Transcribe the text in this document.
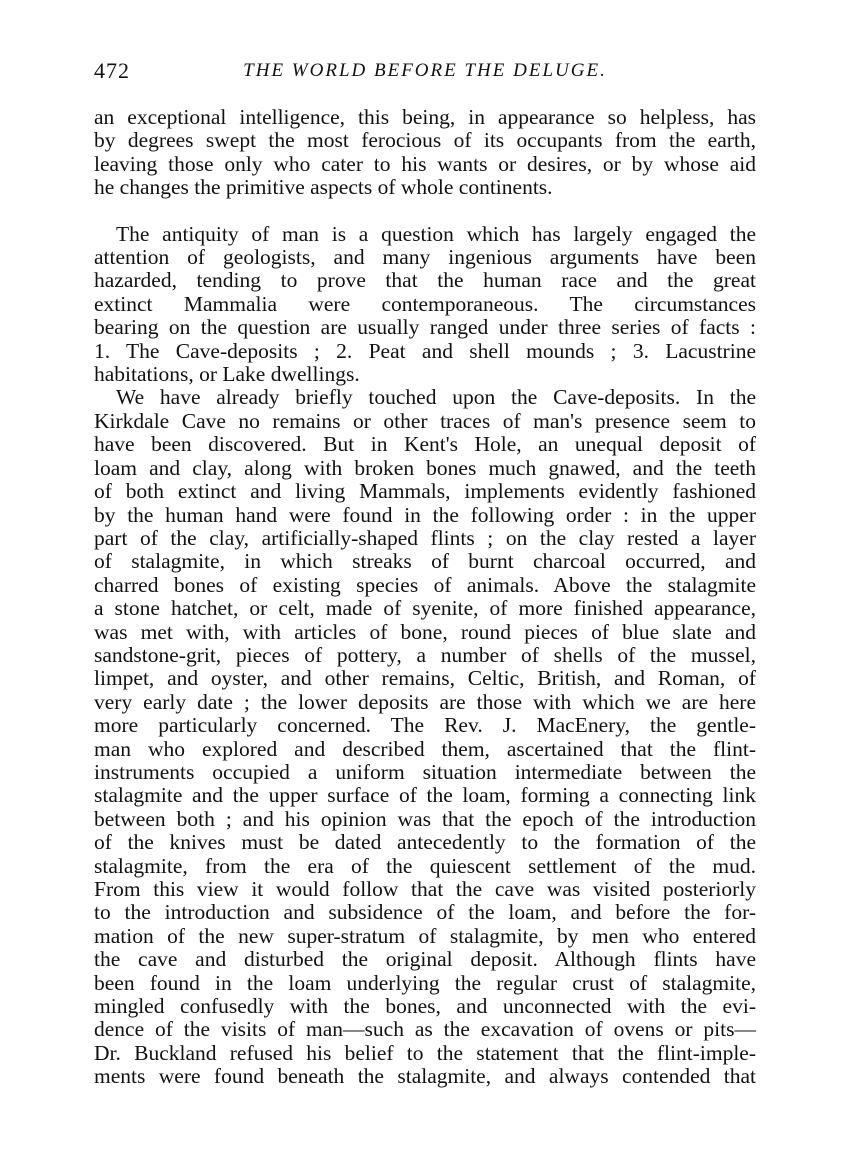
472	THE WORLD BEFORE THE DELUGE.
an exceptional intelligence, this being, in appearance so helpless, has
by degrees swept the most ferocious of its occupants from the earth,
leaving those only who cater to his wants or desires, or by whose aid
he changes the primitive aspects of whole continents.
The antiquity of man is a question which has largely engaged the
attention of geologists, and many ingenious arguments have been
hazarded, tending to prove that the human race and the great
extinct Mammalia were contemporaneous. The circumstances
bearing on the question are usually ranged under three series of facts :
1. The Cave-deposits ; 2. Peat and shell mounds ; 3. Lacustrine
habitations, or Lake dwellings.
We have already briefly touched upon the Cave-deposits. In the
Kirkdale Cave no remains or other traces of man's presence seem to
have been discovered. But in Kent's Hole, an unequal deposit of
loam and clay, along with broken bones much gnawed, and the teeth
of both extinct and living Mammals, implements evidently fashioned
by the human hand were found in the following order : in the upper
part of the clay, artificially-shaped flints ; on the clay rested a layer
of stalagmite, in which streaks of burnt charcoal occurred, and
charred bones of existing species of animals. Above the stalagmite
a stone hatchet, or celt, made of syenite, of more finished appearance,
was met with, with articles of bone, round pieces of blue slate and
sandstone-grit, pieces of pottery, a number of shells of the mussel,
limpet, and oyster, and other remains, Celtic, British, and Roman, of
very early date ; the lower deposits are those with which we are here
more particularly concerned. The Rev. J. MacEnery, the gentle-
man who explored and described them, ascertained that the flint-
instruments occupied a uniform situation intermediate between the
stalagmite and the upper surface of the loam, forming a connecting link
between both ; and his opinion was that the epoch of the introduction
of the knives must be dated antecedently to the formation of the
stalagmite, from the era of the quiescent settlement of the mud.
From this view it would follow that the cave was visited posteriorly
to the introduction and subsidence of the loam, and before the for-
mation of the new super-stratum of stalagmite, by men who entered
the cave and disturbed the original deposit. Although flints have
been found in the loam underlying the regular crust of stalagmite,
mingled confusedly with the bones, and unconnected with the evi-
dence of the visits of man—such as the excavation of ovens or pits—
Dr. Buckland refused his belief to the statement that the flint-imple-
ments were found beneath the stalagmite, and always contended that
